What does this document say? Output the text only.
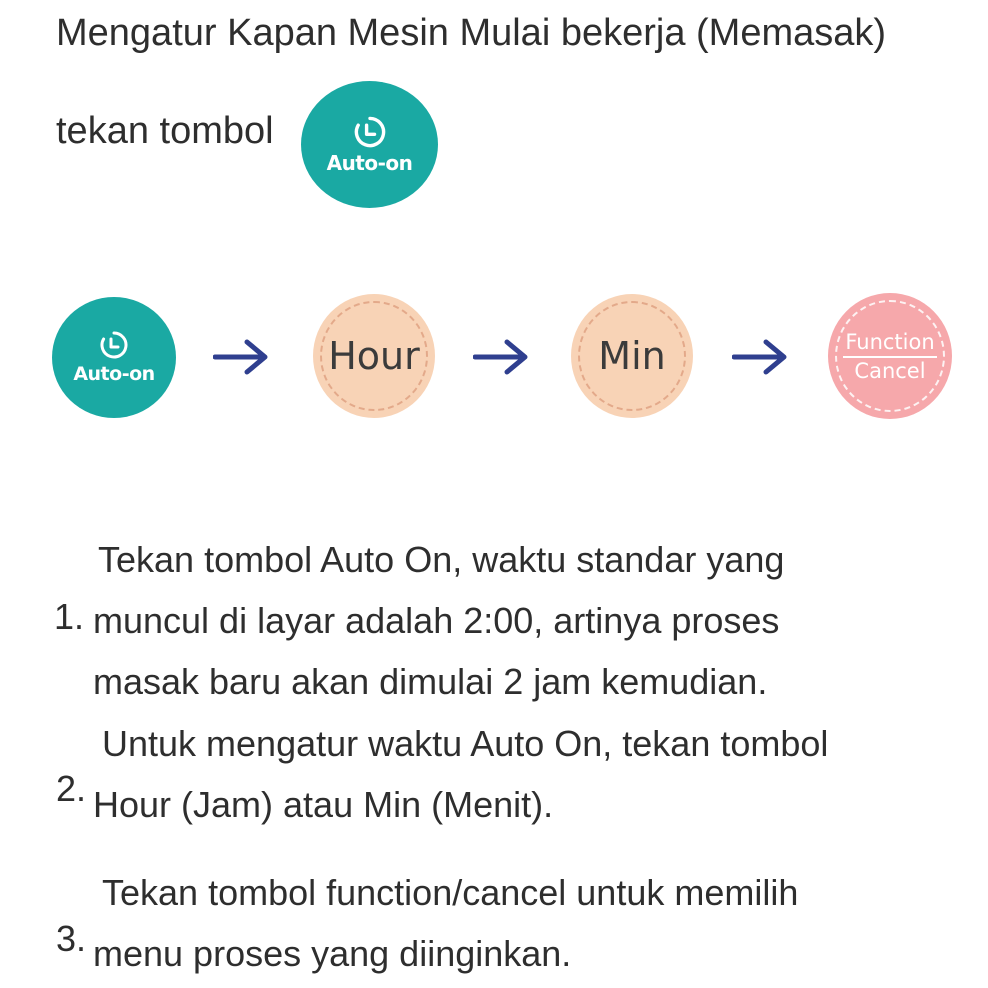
Mengatur Kapan Mesin Mulai bekerja (Memasak)
tekan tombol
Auto-on
Auto-on	Hour	Min	Function
Cancel
1.
Tekan tombol Auto On, waktu standar yang
muncul di layar adalah 2:00, artinya proses
masak baru akan dimulai 2 jam kemudian.
2.
Untuk mengatur waktu Auto On, tekan tombol
Hour (Jam) atau Min (Menit).
3.
Tekan tombol function/cancel untuk memilih
menu proses yang diinginkan.
